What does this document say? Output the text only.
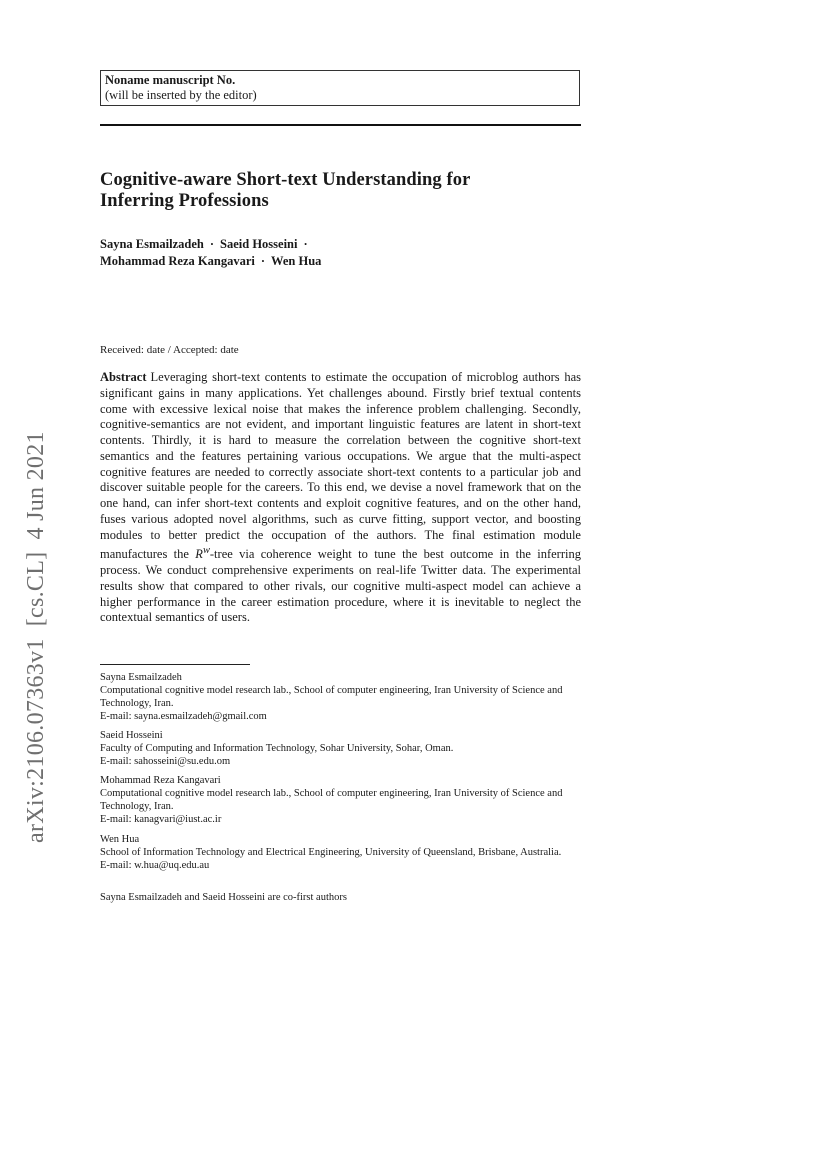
Noname manuscript No.
(will be inserted by the editor)
Cognitive-aware Short-text Understanding for
Inferring Professions
Sayna Esmailzadeh · Saeid Hosseini ·
Mohammad Reza Kangavari · Wen Hua
Received: date / Accepted: date
Abstract Leveraging short-text contents to estimate the occupation of microblog authors has significant gains in many applications. Yet challenges abound. Firstly brief textual contents come with excessive lexical noise that makes the inference problem challenging. Secondly, cognitive-semantics are not evident, and important linguistic features are latent in short-text contents. Thirdly, it is hard to measure the correlation between the cognitive short-text semantics and the features pertaining various occupations. We argue that the multi-aspect cognitive features are needed to correctly associate short-text contents to a particular job and discover suitable people for the careers. To this end, we devise a novel framework that on the one hand, can infer short-text contents and exploit cognitive features, and on the other hand, fuses various adopted novel algorithms, such as curve fitting, support vector, and boosting modules to better predict the occupation of the authors. The final estimation module manufactures the $R^w$-tree via coherence weight to tune the best outcome in the inferring process. We conduct comprehensive experiments on real-life Twitter data. The experimental results show that compared to other rivals, our cognitive multi-aspect model can achieve a higher performance in the career estimation procedure, where it is inevitable to neglect the contextual semantics of users.
Sayna Esmailzadeh
Computational cognitive model research lab., School of computer engineering, Iran University of Science and Technology, Iran.
E-mail: sayna.esmailzadeh@gmail.com
Saeid Hosseini
Faculty of Computing and Information Technology, Sohar University, Sohar, Oman.
E-mail: sahosseini@su.edu.om
Mohammad Reza Kangavari
Computational cognitive model research lab., School of computer engineering, Iran University of Science and Technology, Iran.
E-mail: kanagvari@iust.ac.ir
Wen Hua
School of Information Technology and Electrical Engineering, University of Queensland, Brisbane, Australia.
E-mail: w.hua@uq.edu.au
Sayna Esmailzadeh and Saeid Hosseini are co-first authors
arXiv:2106.07363v1[cs.CL]4 Jun 2021
